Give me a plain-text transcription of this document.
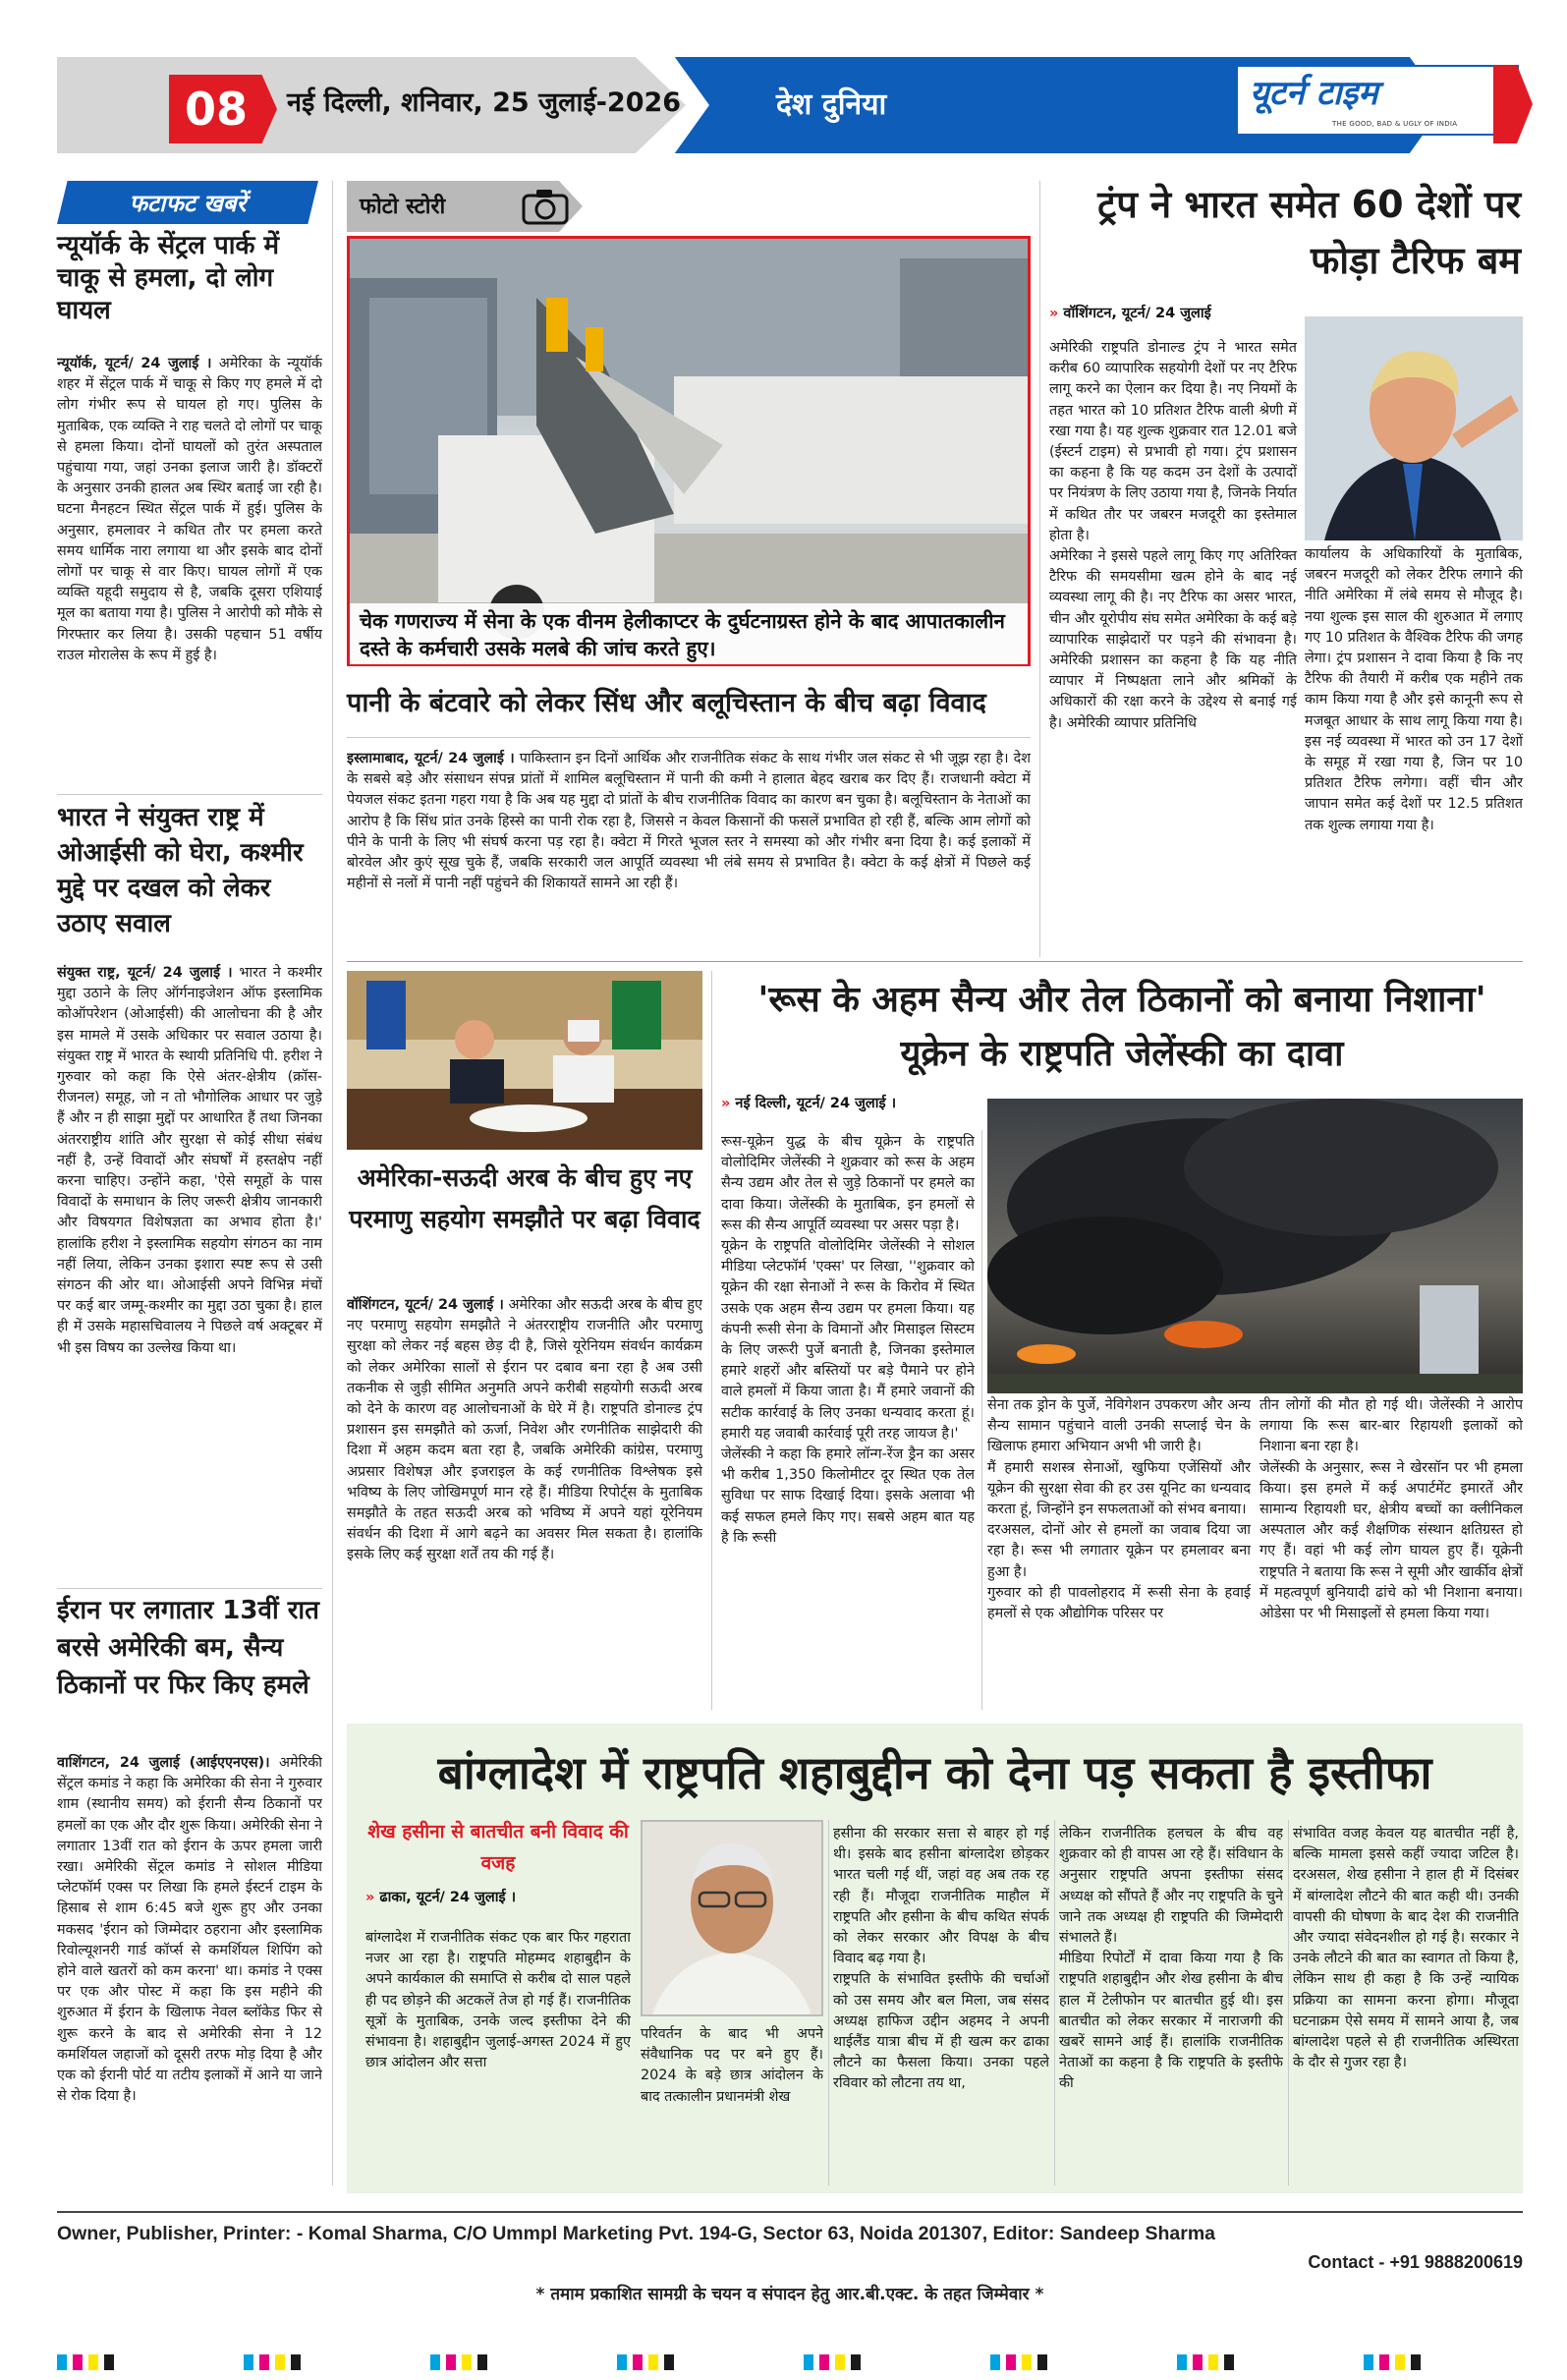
08	नई दिल्ली, शनिवार, 25 जुलाई-2026	देश दुनिया	यूटर्न टाइम
THE GOOD, BAD & UGLY OF INDIA
फटाफट खबरें
न्यूयॉर्क के सेंट्रल पार्क में चाकू से हमला, दो लोग घायल
न्यूयॉर्क, यूटर्न/ 24 जुलाई । अमेरिका के न्यूयॉर्क शहर में सेंट्रल पार्क में चाकू से किए गए हमले में दो लोग गंभीर रूप से घायल हो गए। पुलिस के मुताबिक, एक व्यक्ति ने राह चलते दो लोगों पर चाकू से हमला किया। दोनों घायलों को तुरंत अस्पताल पहुंचाया गया, जहां उनका इलाज जारी है। डॉक्टरों के अनुसार उनकी हालत अब स्थिर बताई जा रही है। घटना मैनहटन स्थित सेंट्रल पार्क में हुई। पुलिस के अनुसार, हमलावर ने कथित तौर पर हमला करते समय धार्मिक नारा लगाया था और इसके बाद दोनों लोगों पर चाकू से वार किए। घायल लोगों में एक व्यक्ति यहूदी समुदाय से है, जबकि दूसरा एशियाई मूल का बताया गया है। पुलिस ने आरोपी को मौके से गिरफ्तार कर लिया है। उसकी पहचान 51 वर्षीय राउल मोरालेस के रूप में हुई है।
भारत ने संयुक्त राष्ट्र में ओआईसी को घेरा, कश्मीर मुद्दे पर दखल को लेकर उठाए सवाल
संयुक्त राष्ट्र, यूटर्न/ 24 जुलाई । भारत ने कश्मीर मुद्दा उठाने के लिए ऑर्गनाइजेशन ऑफ इस्लामिक कोऑपरेशन (ओआईसी) की आलोचना की है और इस मामले में उसके अधिकार पर सवाल उठाया है। संयुक्त राष्ट्र में भारत के स्थायी प्रतिनिधि पी. हरीश ने गुरुवार को कहा कि ऐसे अंतर-क्षेत्रीय (क्रॉस-रीजनल) समूह, जो न तो भौगोलिक आधार पर जुड़े हैं और न ही साझा मुद्दों पर आधारित हैं तथा जिनका अंतरराष्ट्रीय शांति और सुरक्षा से कोई सीधा संबंध नहीं है, उन्हें विवादों और संघर्षों में हस्तक्षेप नहीं करना चाहिए। उन्होंने कहा, 'ऐसे समूहों के पास विवादों के समाधान के लिए जरूरी क्षेत्रीय जानकारी और विषयगत विशेषज्ञता का अभाव होता है।' हालांकि हरीश ने इस्लामिक सहयोग संगठन का नाम नहीं लिया, लेकिन उनका इशारा स्पष्ट रूप से उसी संगठन की ओर था। ओआईसी अपने विभिन्न मंचों पर कई बार जम्मू-कश्मीर का मुद्दा उठा चुका है। हाल ही में उसके महासचिवालय ने पिछले वर्ष अक्टूबर में भी इस विषय का उल्लेख किया था।
ईरान पर लगातार 13वीं रात बरसे अमेरिकी बम, सैन्य ठिकानों पर फिर किए हमले
वाशिंगटन, 24 जुलाई (आईएएनएस)। अमेरिकी सेंट्रल कमांड ने कहा कि अमेरिका की सेना ने गुरुवार शाम (स्थानीय समय) को ईरानी सैन्य ठिकानों पर हमलों का एक और दौर शुरू किया। अमेरिकी सेना ने लगातार 13वीं रात को ईरान के ऊपर हमला जारी रखा। अमेरिकी सेंट्रल कमांड ने सोशल मीडिया प्लेटफॉर्म एक्स पर लिखा कि हमले ईस्टर्न टाइम के हिसाब से शाम 6:45 बजे शुरू हुए और उनका मकसद 'ईरान को जिम्मेदार ठहराना और इस्लामिक रिवोल्यूशनरी गार्ड कॉर्प्स से कमर्शियल शिपिंग को होने वाले खतरों को कम करना' था। कमांड ने एक्स पर एक और पोस्ट में कहा कि इस महीने की शुरुआत में ईरान के खिलाफ नेवल ब्लॉकेड फिर से शुरू करने के बाद से अमेरिकी सेना ने 12 कमर्शियल जहाजों को दूसरी तरफ मोड़ दिया है और एक को ईरानी पोर्ट या तटीय इलाकों में आने या जाने से रोक दिया है।
फोटो स्टोरी
चेक गणराज्य में सेना के एक वीनम हेलीकाप्टर के दुर्घटनाग्रस्त होने के बाद आपातकालीन दस्ते के कर्मचारी उसके मलबे की जांच करते हुए।
पानी के बंटवारे को लेकर सिंध और बलूचिस्तान के बीच बढ़ा विवाद
इस्लामाबाद, यूटर्न/ 24 जुलाई । पाकिस्तान इन दिनों आर्थिक और राजनीतिक संकट के साथ गंभीर जल संकट से भी जूझ रहा है। देश के सबसे बड़े और संसाधन संपन्न प्रांतों में शामिल बलूचिस्तान में पानी की कमी ने हालात बेहद खराब कर दिए हैं। राजधानी क्वेटा में पेयजल संकट इतना गहरा गया है कि अब यह मुद्दा दो प्रांतों के बीच राजनीतिक विवाद का कारण बन चुका है। बलूचिस्तान के नेताओं का आरोप है कि सिंध प्रांत उनके हिस्से का पानी रोक रहा है, जिससे न केवल किसानों की फसलें प्रभावित हो रही हैं, बल्कि आम लोगों को पीने के पानी के लिए भी संघर्ष करना पड़ रहा है। क्वेटा में गिरते भूजल स्तर ने समस्या को और गंभीर बना दिया है। कई इलाकों में बोरवेल और कुएं सूख चुके हैं, जबकि सरकारी जल आपूर्ति व्यवस्था भी लंबे समय से प्रभावित है। क्वेटा के कई क्षेत्रों में पिछले कई महीनों से नलों में पानी नहीं पहुंचने की शिकायतें सामने आ रही हैं।
ट्रंप ने भारत समेत 60 देशों पर फोड़ा टैरिफ बम
» वॉशिंगटन, यूटर्न/ 24 जुलाई
अमेरिकी राष्ट्रपति डोनाल्ड ट्रंप ने भारत समेत करीब 60 व्यापारिक सहयोगी देशों पर नए टैरिफ लागू करने का ऐलान कर दिया है। नए नियमों के तहत भारत को 10 प्रतिशत टैरिफ वाली श्रेणी में रखा गया है। यह शुल्क शुक्रवार रात 12.01 बजे (ईस्टर्न टाइम) से प्रभावी हो गया। ट्रंप प्रशासन का कहना है कि यह कदम उन देशों के उत्पादों पर नियंत्रण के लिए उठाया गया है, जिनके निर्यात में कथित तौर पर जबरन मजदूरी का इस्तेमाल होता है।
अमेरिका ने इससे पहले लागू किए गए अतिरिक्त टैरिफ की समयसीमा खत्म होने के बाद नई व्यवस्था लागू की है। नए टैरिफ का असर भारत, चीन और यूरोपीय संघ समेत अमेरिका के कई बड़े व्यापारिक साझेदारों पर पड़ने की संभावना है। अमेरिकी प्रशासन का कहना है कि यह नीति व्यापार में निष्पक्षता लाने और श्रमिकों के अधिकारों की रक्षा करने के उद्देश्य से बनाई गई है। अमेरिकी व्यापार प्रतिनिधि
कार्यालय के अधिकारियों के मुताबिक, जबरन मजदूरी को लेकर टैरिफ लगाने की नीति अमेरिका में लंबे समय से मौजूद है। नया शुल्क इस साल की शुरुआत में लगाए गए 10 प्रतिशत के वैश्विक टैरिफ की जगह लेगा। ट्रंप प्रशासन ने दावा किया है कि नए टैरिफ की तैयारी में करीब एक महीने तक काम किया गया है और इसे कानूनी रूप से मजबूत आधार के साथ लागू किया गया है। इस नई व्यवस्था में भारत को उन 17 देशों के समूह में रखा गया है, जिन पर 10 प्रतिशत टैरिफ लगेगा। वहीं चीन और जापान समेत कई देशों पर 12.5 प्रतिशत तक शुल्क लगाया गया है।
अमेरिका-सऊदी अरब के बीच हुए नए परमाणु सहयोग समझौते पर बढ़ा विवाद
वॉशिंगटन, यूटर्न/ 24 जुलाई । अमेरिका और सऊदी अरब के बीच हुए नए परमाणु सहयोग समझौते ने अंतरराष्ट्रीय राजनीति और परमाणु सुरक्षा को लेकर नई बहस छेड़ दी है, जिसे यूरेनियम संवर्धन कार्यक्रम को लेकर अमेरिका सालों से ईरान पर दबाव बना रहा है अब उसी तकनीक से जुड़ी सीमित अनुमति अपने करीबी सहयोगी सऊदी अरब को देने के कारण वह आलोचनाओं के घेरे में है। राष्ट्रपति डोनाल्ड ट्रंप प्रशासन इस समझौते को ऊर्जा, निवेश और रणनीतिक साझेदारी की दिशा में अहम कदम बता रहा है, जबकि अमेरिकी कांग्रेस, परमाणु अप्रसार विशेषज्ञ और इजराइल के कई रणनीतिक विश्लेषक इसे भविष्य के लिए जोखिमपूर्ण मान रहे हैं। मीडिया रिपोर्ट्स के मुताबिक समझौते के तहत सऊदी अरब को भविष्य में अपने यहां यूरेनियम संवर्धन की दिशा में आगे बढ़ने का अवसर मिल सकता है। हालांकि इसके लिए कई सुरक्षा शर्तें तय की गई हैं।
'रूस के अहम सैन्य और तेल ठिकानों को बनाया निशाना' यूक्रेन के राष्ट्रपति जेलेंस्की का दावा
» नई दिल्ली, यूटर्न/ 24 जुलाई ।
रूस-यूक्रेन युद्ध के बीच यूक्रेन के राष्ट्रपति वोलोदिमिर जेलेंस्की ने शुक्रवार को रूस के अहम सैन्य उद्यम और तेल से जुड़े ठिकानों पर हमले का दावा किया। जेलेंस्की के मुताबिक, इन हमलों से रूस की सैन्य आपूर्ति व्यवस्था पर असर पड़ा है।
यूक्रेन के राष्ट्रपति वोलोदिमिर जेलेंस्की ने सोशल मीडिया प्लेटफॉर्म 'एक्स' पर लिखा, ''शुक्रवार को यूक्रेन की रक्षा सेनाओं ने रूस के किरोव में स्थित उसके एक अहम सैन्य उद्यम पर हमला किया। यह कंपनी रूसी सेना के विमानों और मिसाइल सिस्टम के लिए जरूरी पुर्जे बनाती है, जिनका इस्तेमाल हमारे शहरों और बस्तियों पर बड़े पैमाने पर होने वाले हमलों में किया जाता है। मैं हमारे जवानों की सटीक कार्रवाई के लिए उनका धन्यवाद करता हूं। हमारी यह जवाबी कार्रवाई पूरी तरह जायज है।'
जेलेंस्की ने कहा कि हमारे लॉन्ग-रेंज ड्रैन का असर भी करीब 1,350 किलोमीटर दूर स्थित एक तेल सुविधा पर साफ दिखाई दिया। इसके अलावा भी कई सफल हमले किए गए। सबसे अहम बात यह है कि रूसी
सेना तक ड्रोन के पुर्जे, नेविगेशन उपकरण और अन्य सैन्य सामान पहुंचाने वाली उनकी सप्लाई चेन के खिलाफ हमारा अभियान अभी भी जारी है।
मैं हमारी सशस्त्र सेनाओं, खुफिया एजेंसियों और यूक्रेन की सुरक्षा सेवा की हर उस यूनिट का धन्यवाद करता हूं, जिन्होंने इन सफलताओं को संभव बनाया।
दरअसल, दोनों ओर से हमलों का जवाब दिया जा रहा है। रूस भी लगातार यूक्रेन पर हमलावर बना हुआ है।
गुरुवार को ही पावलोहराद में रूसी सेना के हवाई हमलों से एक औद्योगिक परिसर पर
तीन लोगों की मौत हो गई थी। जेलेंस्की ने आरोप लगाया कि रूस बार-बार रिहायशी इलाकों को निशाना बना रहा है।
जेलेंस्की के अनुसार, रूस ने खेरसॉन पर भी हमला किया। इस हमले में कई अपार्टमेंट इमारतें और सामान्य रिहायशी घर, क्षेत्रीय बच्चों का क्लीनिकल अस्पताल और कई शैक्षणिक संस्थान क्षतिग्रस्त हो गए हैं। वहां भी कई लोग घायल हुए हैं। यूक्रेनी राष्ट्रपति ने बताया कि रूस ने सूमी और खार्कीव क्षेत्रों में महत्वपूर्ण बुनियादी ढांचे को भी निशाना बनाया। ओडेसा पर भी मिसाइलों से हमला किया गया।
बांग्लादेश में राष्ट्रपति शहाबुद्दीन को देना पड़ सकता है इस्तीफा
शेख हसीना से बातचीत बनी विवाद की वजह
» ढाका, यूटर्न/ 24 जुलाई ।
बांग्लादेश में राजनीतिक संकट एक बार फिर गहराता नजर आ रहा है। राष्ट्रपति मोहम्मद शहाबुद्दीन के अपने कार्यकाल की समाप्ति से करीब दो साल पहले ही पद छोड़ने की अटकलें तेज हो गई हैं। राजनीतिक सूत्रों के मुताबिक, उनके जल्द इस्तीफा देने की संभावना है। शहाबुद्दीन जुलाई-अगस्त 2024 में हुए छात्र आंदोलन और सत्ता
परिवर्तन के बाद भी अपने संवैधानिक पद पर बने हुए हैं। 2024 के बड़े छात्र आंदोलन के बाद तत्कालीन प्रधानमंत्री शेख
हसीना की सरकार सत्ता से बाहर हो गई थी। इसके बाद हसीना बांग्लादेश छोड़कर भारत चली गई थीं, जहां वह अब तक रह रही हैं। मौजूदा राजनीतिक माहौल में राष्ट्रपति और हसीना के बीच कथित संपर्क को लेकर सरकार और विपक्ष के बीच विवाद बढ़ गया है।
राष्ट्रपति के संभावित इस्तीफे की चर्चाओं को उस समय और बल मिला, जब संसद अध्यक्ष हाफिज उद्दीन अहमद ने अपनी थाईलैंड यात्रा बीच में ही खत्म कर ढाका लौटने का फैसला किया। उनका पहले रविवार को लौटना तय था,
लेकिन राजनीतिक हलचल के बीच वह शुक्रवार को ही वापस आ रहे हैं। संविधान के अनुसार राष्ट्रपति अपना इस्तीफा संसद अध्यक्ष को सौंपते हैं और नए राष्ट्रपति के चुने जाने तक अध्यक्ष ही राष्ट्रपति की जिम्मेदारी संभालते हैं।
मीडिया रिपोर्टों में दावा किया गया है कि राष्ट्रपति शहाबुद्दीन और शेख हसीना के बीच हाल में टेलीफोन पर बातचीत हुई थी। इस बातचीत को लेकर सरकार में नाराजगी की खबरें सामने आई हैं। हालांकि राजनीतिक नेताओं का कहना है कि राष्ट्रपति के इस्तीफे की
संभावित वजह केवल यह बातचीत नहीं है, बल्कि मामला इससे कहीं ज्यादा जटिल है। दरअसल, शेख हसीना ने हाल ही में दिसंबर में बांग्लादेश लौटने की बात कही थी। उनकी वापसी की घोषणा के बाद देश की राजनीति और ज्यादा संवेदनशील हो गई है। सरकार ने उनके लौटने की बात का स्वागत तो किया है, लेकिन साथ ही कहा है कि उन्हें न्यायिक प्रक्रिया का सामना करना होगा। मौजूदा घटनाक्रम ऐसे समय में सामने आया है, जब बांग्लादेश पहले से ही राजनीतिक अस्थिरता के दौर से गुजर रहा है।
Owner, Publisher, Printer: - Komal Sharma, C/O Ummpl Marketing Pvt. 194-G, Sector 63, Noida 201307, Editor: Sandeep Sharma
Contact - +91 9888200619
* तमाम प्रकाशित सामग्री के चयन व संपादन हेतु आर.बी.एक्ट. के तहत जिम्मेवार *
